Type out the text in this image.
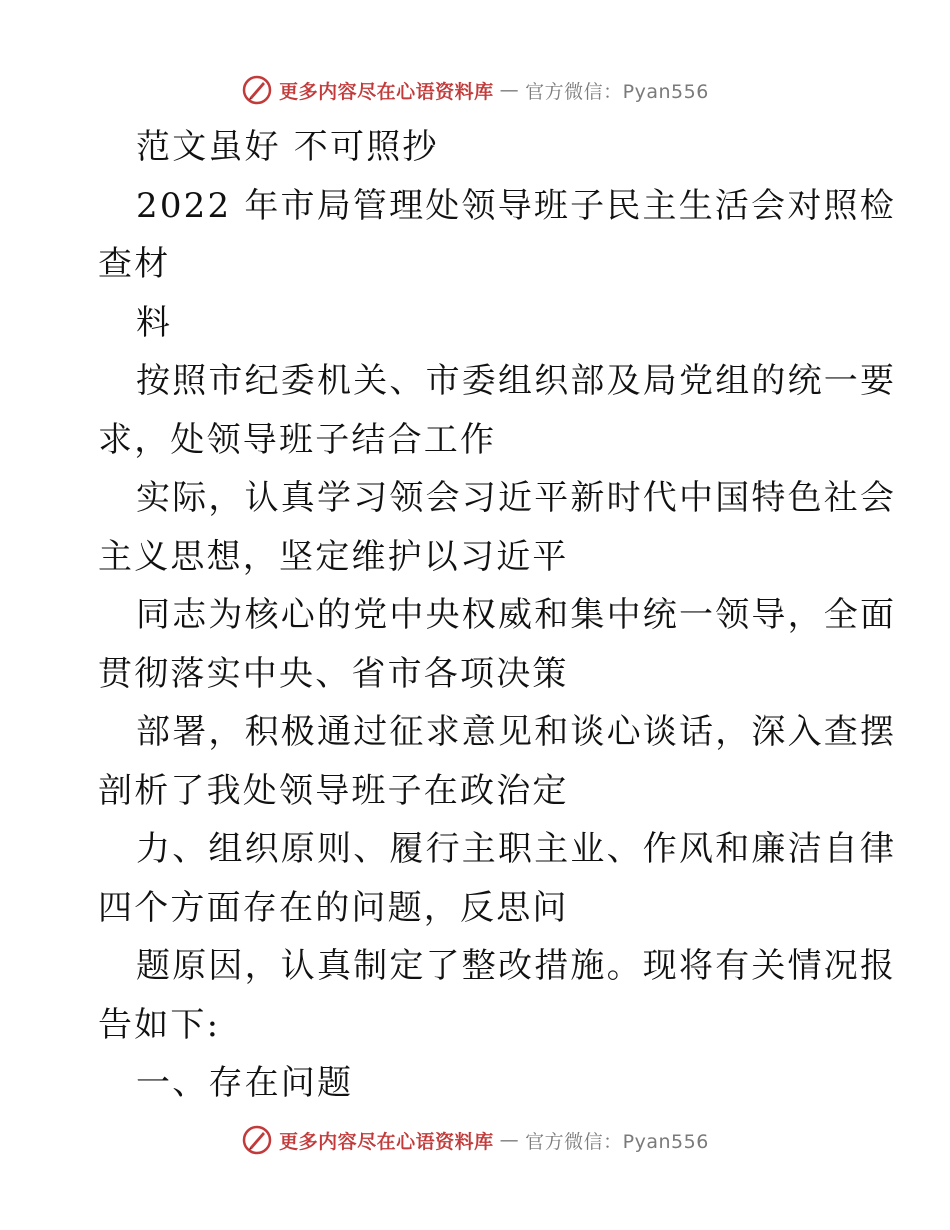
更多内容尽在心语资料库 — 官方微信：Pyan556
范文虽好 不可照抄
2022 年市局管理处领导班子民主生活会对照检
查材
料
按照市纪委机关、市委组织部及局党组的统一要
求，处领导班子结合工作
实际，认真学习领会习近平新时代中国特色社会
主义思想，坚定维护以习近平
同志为核心的党中央权威和集中统一领导，全面
贯彻落实中央、省市各项决策
部署，积极通过征求意见和谈心谈话，深入查摆
剖析了我处领导班子在政治定
力、组织原则、履行主职主业、作风和廉洁自律
四个方面存在的问题，反思问
题原因，认真制定了整改措施。现将有关情况报
告如下:
一、存在问题
更多内容尽在心语资料库 — 官方微信：Pyan556
